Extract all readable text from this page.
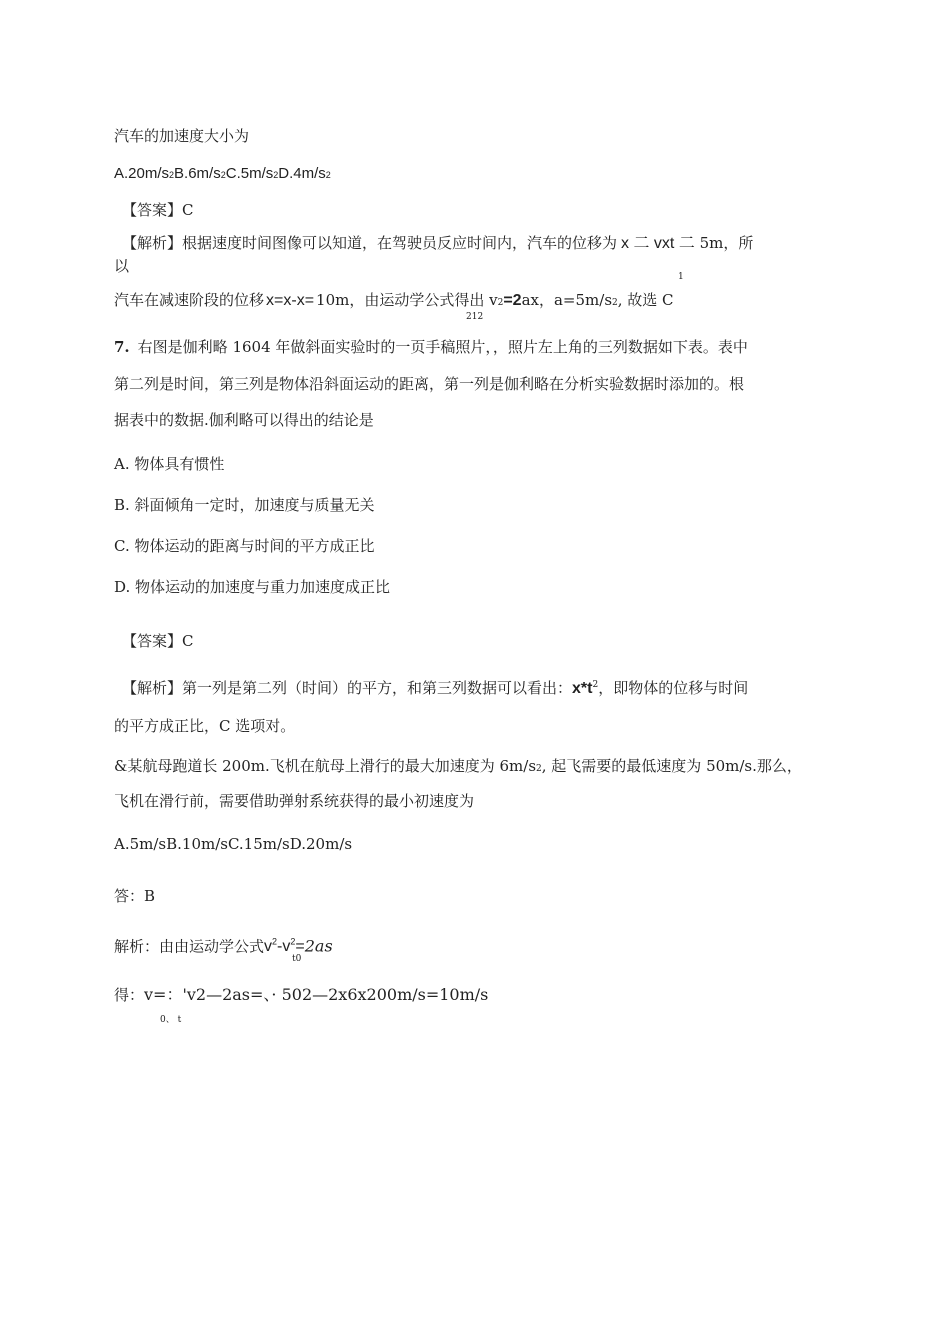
汽车的加速度大小为
A.20m/s2B.6m/s2C.5m/s2D.4m/s2
【答案】C
【解析】根据速度时间图像可以知道，在驾驶员反应时间内，汽车的位移为 x 二 vxt 二 5m，所
以
1
汽车在减速阶段的位移 x=x-x= 10m，由运动学公式得出 v2=2ax，a=5m/s2, 故选 C
212
7. 右图是伽利略 1604 年做斜面实验时的一页手稿照片，，照片左上角的三列数据如下表。表中
第二列是时间，第三列是物体沿斜面运动的距离，第一列是伽利略在分析实验数据时添加的。根
据表中的数据.伽利略可以得出的结论是
A. 物体具有惯性
B. 斜面倾角一定时，加速度与质量无关
C. 物体运动的距离与时间的平方成正比
D. 物体运动的加速度与重力加速度成正比
【答案】C
【解析】第一列是第二列（时间）的平方，和第三列数据可以看出：$x*t^2$，即物体的位移与时间
的平方成正比，C 选项对。
&某航母跑道长 200m.飞机在航母上滑行的最大加速度为 6m/s2, 起飞需要的最低速度为 50m/s.那么，
飞机在滑行前，需要借助弹射系统获得的最小初速度为
A.5m/sB.10m/sC.15m/sD.20m/s
答：B
解析：由由运动学公式$v^2-v^2=2as$
t0
得：v=：'v2—2as=、· 502—2x6x200m/s=10m/s
0、 t
